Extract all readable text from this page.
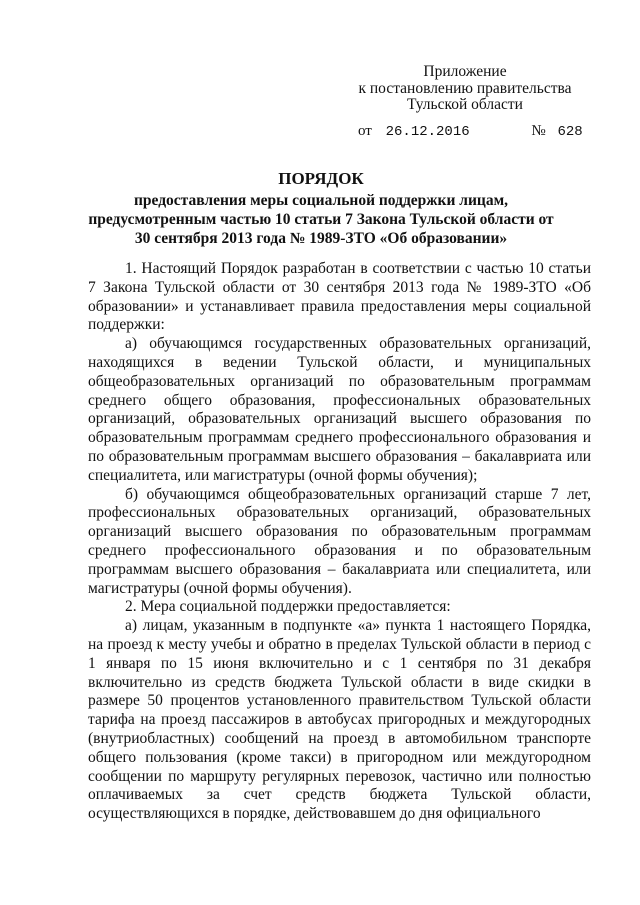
Приложение
к постановлению правительства
Тульской области
от 26.12.2016	№ 628
ПОРЯДОК
предоставления меры социальной поддержки лицам, предусмотренным частью 10 статьи 7 Закона Тульской области от 30 сентября 2013 года № 1989-ЗТО «Об образовании»

1. Настоящий Порядок разработан в соответствии с частью 10 статьи 7 Закона Тульской области от 30 сентября 2013 года № 1989-ЗТО «Об образовании» и устанавливает правила предоставления меры социальной поддержки:

а) обучающимся государственных образовательных организаций, находящихся в ведении Тульской области, и муниципальных общеобразовательных организаций по образовательным программам среднего общего образования, профессиональных образовательных организаций, образовательных организаций высшего образования по образовательным программам среднего профессионального образования и по образовательным программам высшего образования – бакалавриата или специалитета, или магистратуры (очной формы обучения);

б) обучающимся общеобразовательных организаций старше 7 лет, профессиональных образовательных организаций, образовательных организаций высшего образования по образовательным программам среднего профессионального образования и по образовательным программам высшего образования – бакалавриата или специалитета, или магистратуры (очной формы обучения).

2. Мера социальной поддержки предоставляется:

а) лицам, указанным в подпункте «а» пункта 1 настоящего Порядка, на проезд к месту учебы и обратно в пределах Тульской области в период с 1 января по 15 июня включительно и с 1 сентября по 31 декабря включительно из средств бюджета Тульской области в виде скидки в размере 50 процентов установленного правительством Тульской области тарифа на проезд пассажиров в автобусах пригородных и междугородных (внутриобластных) сообщений на проезд в автомобильном транспорте общего пользования (кроме такси) в пригородном или междугородном сообщении по маршруту регулярных перевозок, частично или полностью оплачиваемых за счет средств бюджета Тульской области, осуществляющихся в порядке, действовавшем до дня официального
